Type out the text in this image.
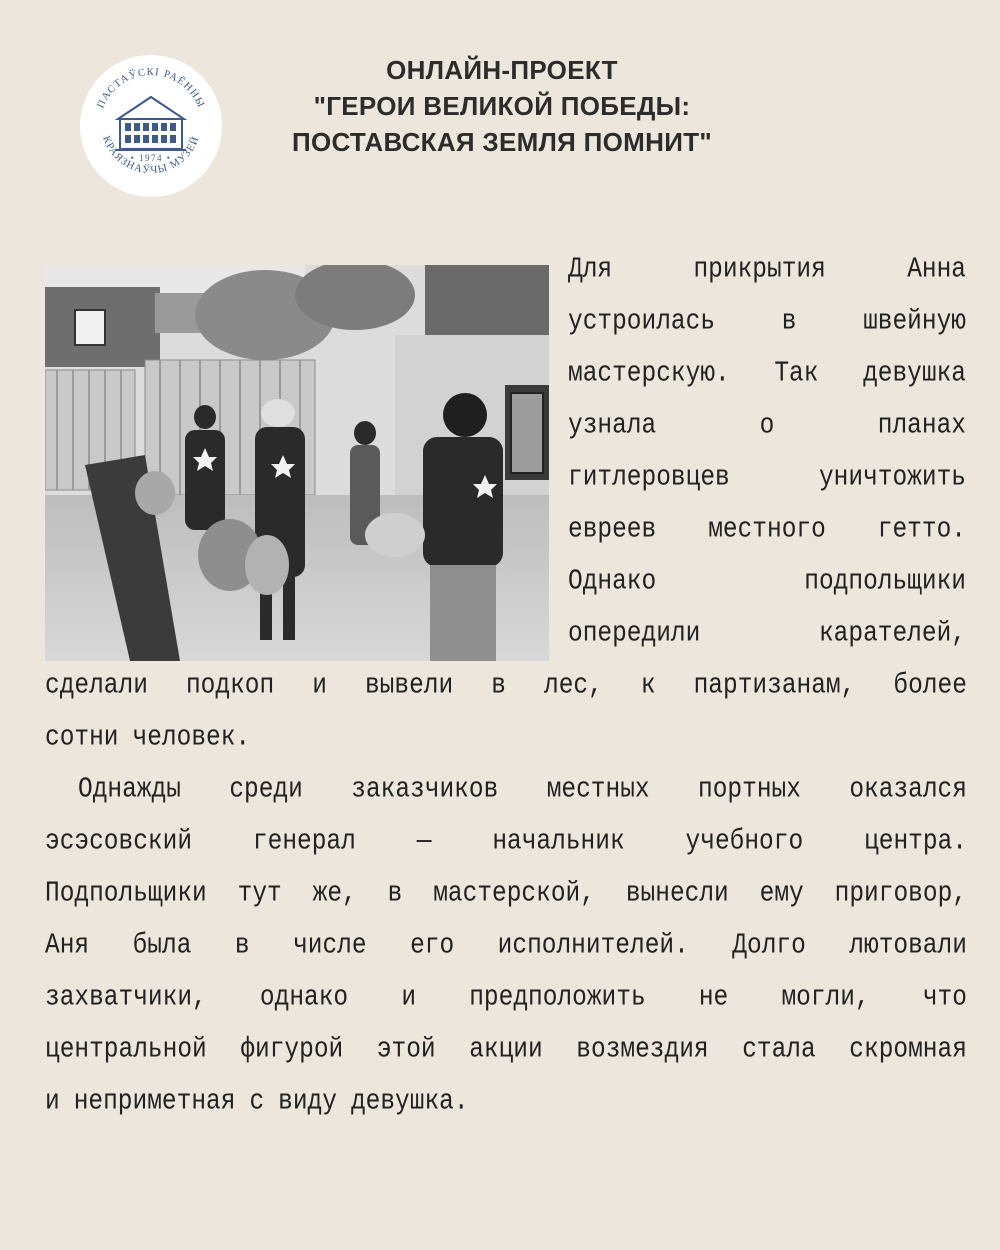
ПАСТАЎСКІ РАЁННЫ
КРАЯЗНАЎЧЫ МУЗЕЙ
• 1974 •
ОНЛАЙН-ПРОЕКТ
"ГЕРОИ ВЕЛИКОЙ ПОБЕДЫ:
ПОСТАВСКАЯ ЗЕМЛЯ ПОМНИТ"
Для	прикрытия	Анна
устроилась	в	швейную
мастерскую. Так девушка
узнала	о	планах
гитлеровцев	уничтожить
евреев местного гетто.
Однако	подпольщики
опередили	карателей,
сделали подкоп и вывели в лес, к партизанам, более
сотни человек.
Однажды среди заказчиков местных портных оказался
эсэсовский генерал — начальник учебного центра.
Подпольщики тут же, в мастерской, вынесли ему приговор,
Аня была в числе его исполнителей. Долго лютовали
захватчики, однако и предположить не могли, что
центральной фигурой этой акции возмездия стала скромная
и неприметная с виду девушка.
